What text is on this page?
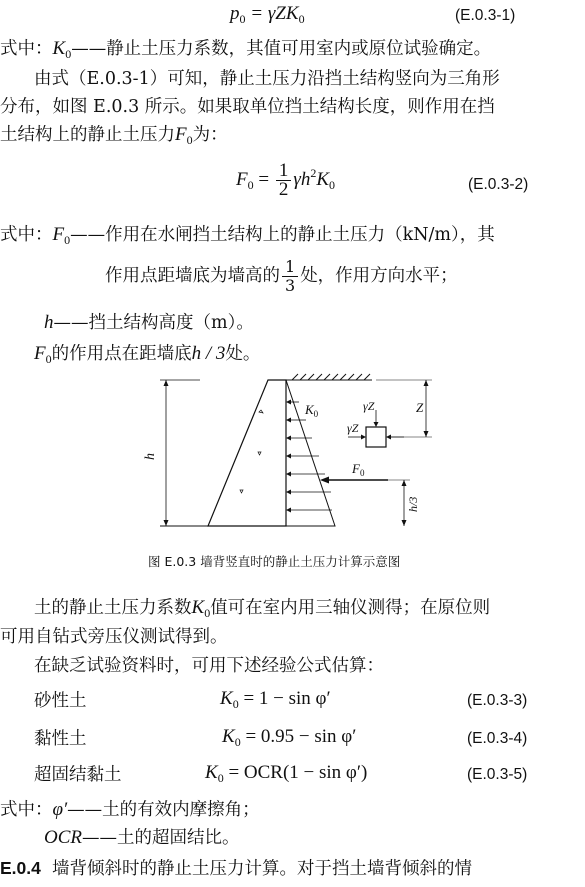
$p_0 = \gamma ZK_0$	(E.0.3-1)
式中：$K_0——$静止土压力系数，其值可用室内或原位试验确定。
由式（E.0.3-1）可知，静止土压力沿挡土结构竖向为三角形
分布，如图 E.0.3 所示。如果取单位挡土结构长度，则作用在挡
土结构上的静止土压力$F_0$为：
$F_0 = \frac{1}{2} \gamma h^2K_0$	(E.0.3-2)
式中：$F_0——$作用在水闸挡土结构上的静止土压力（kN/m），其
作用点距墙底为墙高的 $\frac{1}{3}$ 处，作用方向水平；
h——挡土结构高度（m）。
$F_0$的作用点在距墙底h / 3处。
h
γZ
γZ
Z
$K_0$
$F_0$
h/3
图 E.0.3 墙背竖直时的静止土压力计算示意图
土的静止土压力系数$K_0$值可在室内用三轴仪测得；在原位则
可用自钻式旁压仪测试得到。
在缺乏试验资料时，可用下述经验公式估算：
砂性土	$K_0 = 1 - \sin \varphi'$	(E.0.3-3)
黏性土	$K_0 = 0.95 - \sin \varphi'$	(E.0.3-4)
超固结黏土	$K_0 = OCR(1 - \sin \varphi')$	(E.0.3-5)
式中：φ′——土的有效内摩擦角；
OCR——土的超固结比。
E.0.4 墙背倾斜时的静止土压力计算。对于挡土墙背倾斜的情
